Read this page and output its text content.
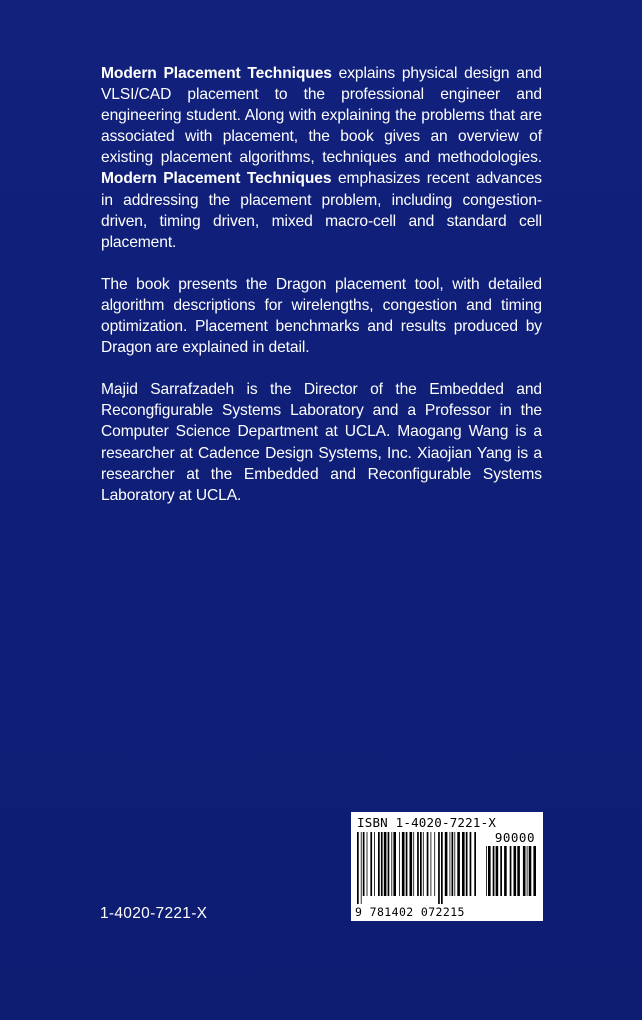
Modern Placement Techniques explains physical design and VLSI/CAD placement to the professional engineer and engineering student. Along with explaining the problems that are associated with placement, the book gives an overview of existing placement algorithms, techniques and methodologies. Modern Placement Techniques emphasizes recent advances in addressing the placement problem, including congestion-driven, timing driven, mixed macro-cell and standard cell placement.

The book presents the Dragon placement tool, with detailed algorithm descriptions for wirelengths, congestion and timing optimization. Placement benchmarks and results produced by Dragon are explained in detail.

Majid Sarrafzadeh is the Director of the Embedded and Recongfigurable Systems Laboratory and a Professor in the Computer Science Department at UCLA. Maogang Wang is a researcher at Cadence Design Systems, Inc. Xiaojian Yang is a researcher at the Embedded and Reconfigurable Systems Laboratory at UCLA.

1-4020-7221-X
ISBN 1-4020-7221-X
90000
9 781402 072215
